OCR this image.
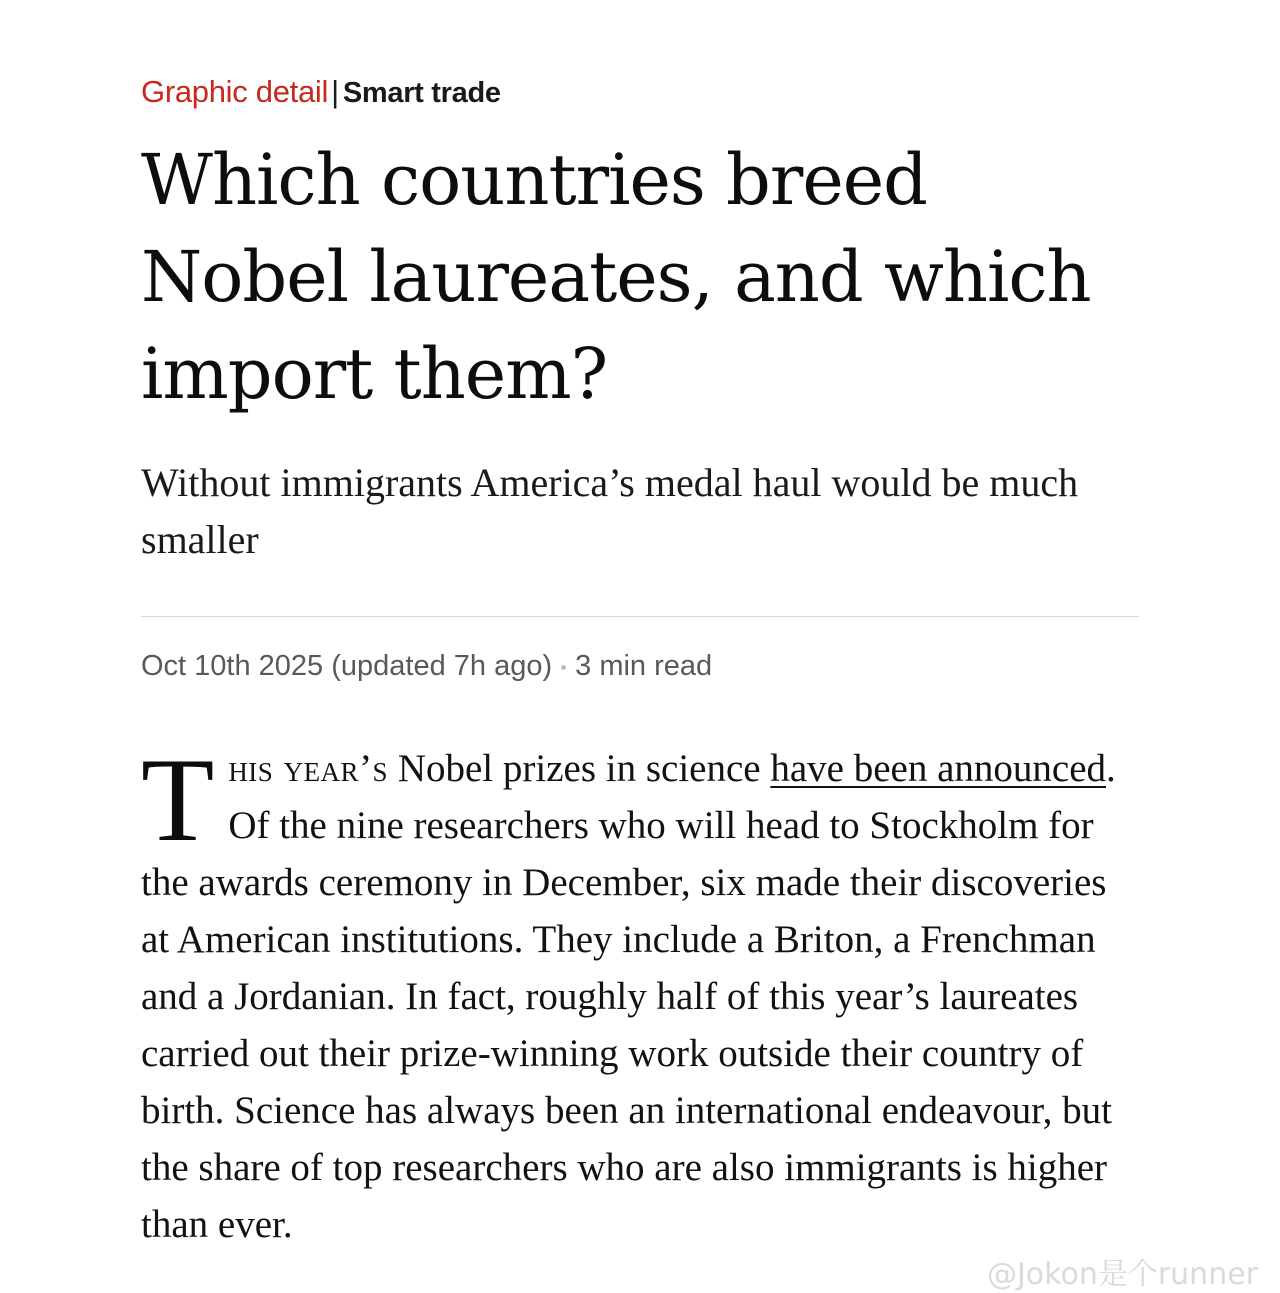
Graphic detail| Smart trade
Which countries breed Nobel laureates, and which import them?

Without immigrants America’s medal haul would be much smaller

Oct 10th 2025 (updated 7h ago) 3 min read

This year’s Nobel prizes in science have been announced. Of the nine researchers who will head to Stockholm for the awards ceremony in December, six made their discoveries at American institutions. They include a Briton, a Frenchman and a Jordanian. In fact, roughly half of this year’s laureates carried out their prize-winning work outside their country of birth. Science has always been an international endeavour, but the share of top researchers who are also immigrants is higher than ever.

@Jokon是个runner
